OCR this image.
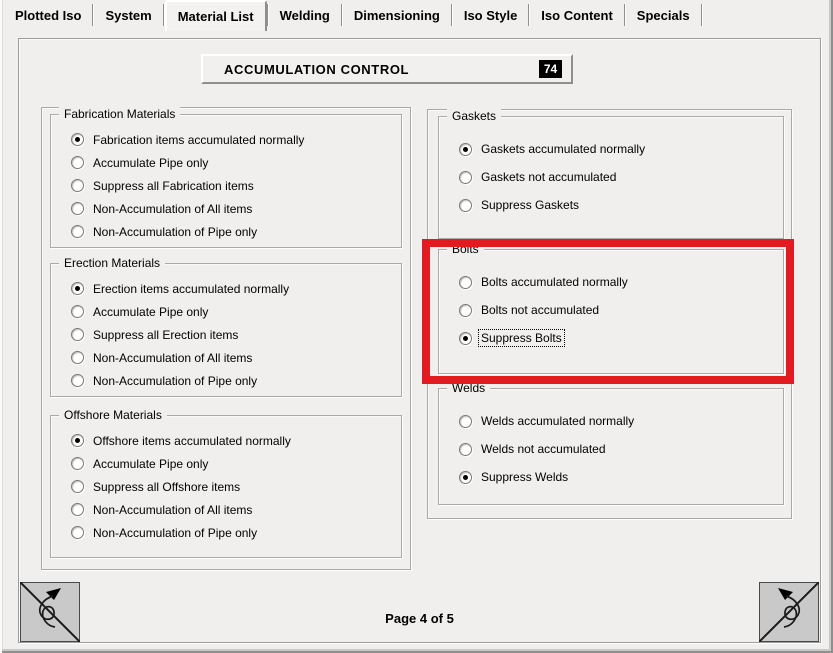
Plotted Iso System Material List Welding Dimensioning Iso Style Iso Content Specials
ACCUMULATION CONTROL	74
Fabrication Materials
Fabrication items accumulated normally
Accumulate Pipe only
Suppress all Fabrication items
Non-Accumulation of All items
Non-Accumulation of Pipe only
Erection Materials
Erection items accumulated normally
Accumulate Pipe only
Suppress all Erection items
Non-Accumulation of All items
Non-Accumulation of Pipe only
Offshore Materials
Offshore items accumulated normally
Accumulate Pipe only
Suppress all Offshore items
Non-Accumulation of All items
Non-Accumulation of Pipe only
Gaskets
Gaskets accumulated normally
Gaskets not accumulated
Suppress Gaskets
Bolts
Bolts accumulated normally
Bolts not accumulated
Suppress Bolts
Welds
Welds accumulated normally
Welds not accumulated
Suppress Welds
Page 4 of 5
